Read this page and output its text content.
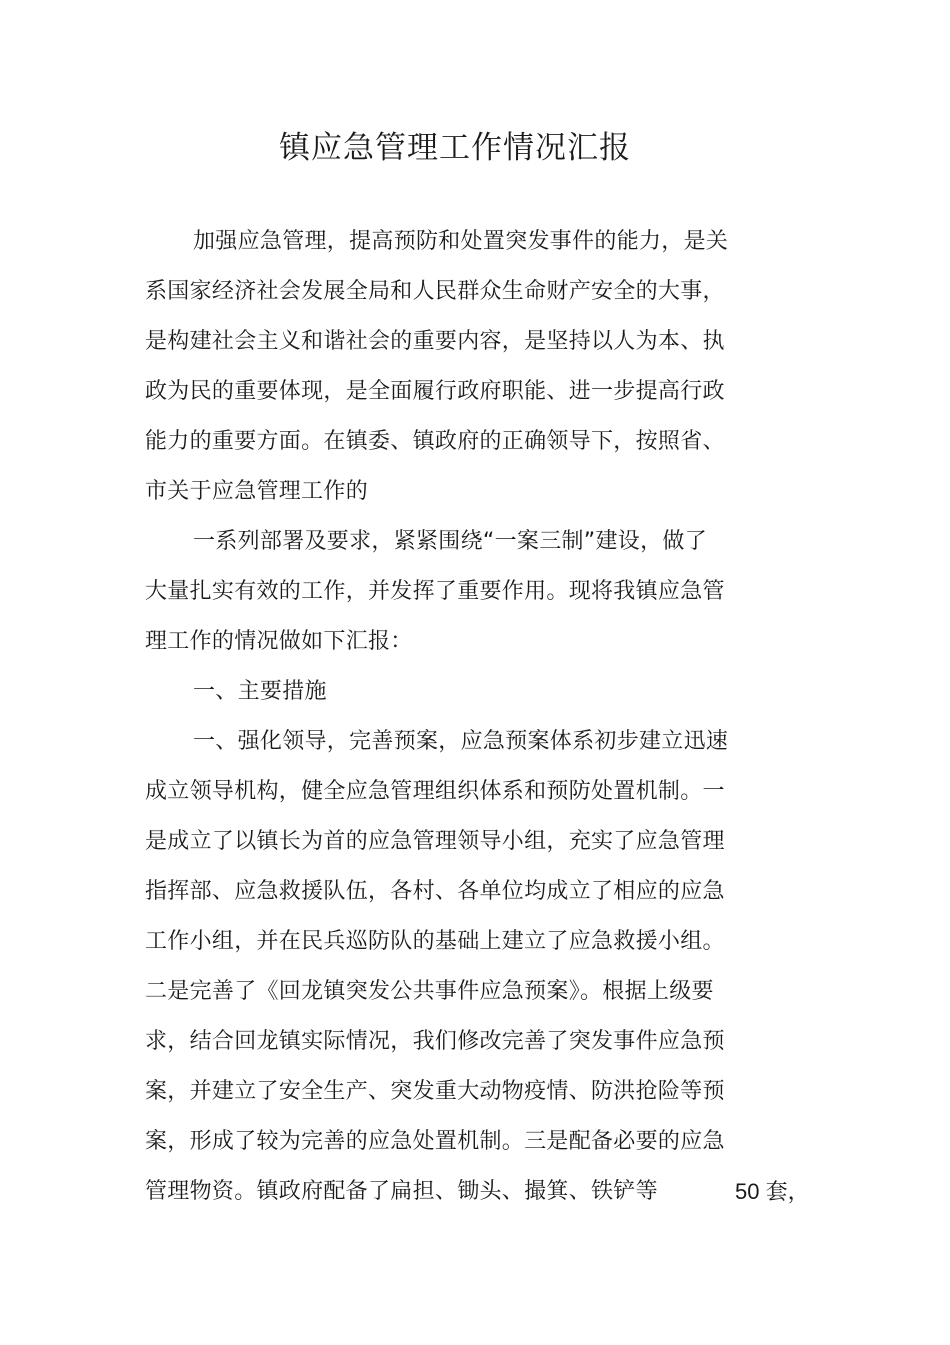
镇应急管理工作情况汇报
加强应急管理，提高预防和处置突发事件的能力，是关
系国家经济社会发展全局和人民群众生命财产安全的大事，
是构建社会主义和谐社会的重要内容，是坚持以人为本、执
政为民的重要体现，是全面履行政府职能、进一步提高行政
能力的重要方面。在镇委、镇政府的正确领导下，按照省、
市关于应急管理工作的
一系列部署及要求，紧紧围绕“一案三制”建设，做了
大量扎实有效的工作，并发挥了重要作用。现将我镇应急管
理工作的情况做如下汇报：
一、主要措施
一、强化领导，完善预案，应急预案体系初步建立迅速
成立领导机构，健全应急管理组织体系和预防处置机制。一
是成立了以镇长为首的应急管理领导小组，充实了应急管理
指挥部、应急救援队伍，各村、各单位均成立了相应的应急
工作小组，并在民兵巡防队的基础上建立了应急救援小组。
二是完善了《回龙镇突发公共事件应急预案》。根据上级要
求，结合回龙镇实际情况，我们修改完善了突发事件应急预
案，并建立了安全生产、突发重大动物疫情、防洪抢险等预
案，形成了较为完善的应急处置机制。三是配备必要的应急
管理物资。镇政府配备了扁担、锄头、撮箕、铁铲等	50 套，
